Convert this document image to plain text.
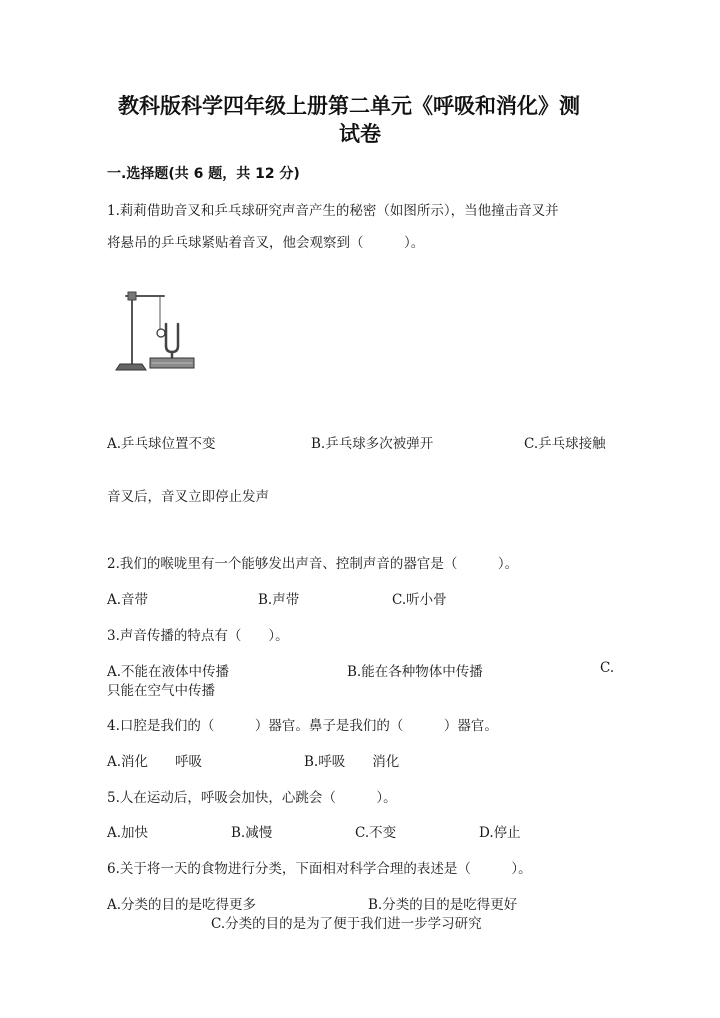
教科版科学四年级上册第二单元《呼吸和消化》测
试卷
一.选择题(共 6 题，共 12 分)
1.莉莉借助音叉和乒乓球研究声音产生的秘密（如图所示），当他撞击音叉并
将悬吊的乒乓球紧贴着音叉，他会观察到（　　　）。
A.乒乓球位置不变	B.乒乓球多次被弹开	C.乒乓球接触
音叉后，音叉立即停止发声
2.我们的喉咙里有一个能够发出声音、控制声音的器官是（　　　）。
A.音带	B.声带	C.听小骨
3.声音传播的特点有（　　）。
A.不能在液体中传播	B.能在各种物体中传播	C.
只能在空气中传播
4.口腔是我们的（　　　）器官。鼻子是我们的（　　　）器官。
A.消化　　呼吸	B.呼吸　　消化
5.人在运动后，呼吸会加快，心跳会（　　　）。
A.加快	B.减慢	C.不变	D.停止
6.关于将一天的食物进行分类，下面相对科学合理的表述是（　　　）。
A.分类的目的是吃得更多	B.分类的目的是吃得更好
C.分类的目的是为了便于我们进一步学习研究
